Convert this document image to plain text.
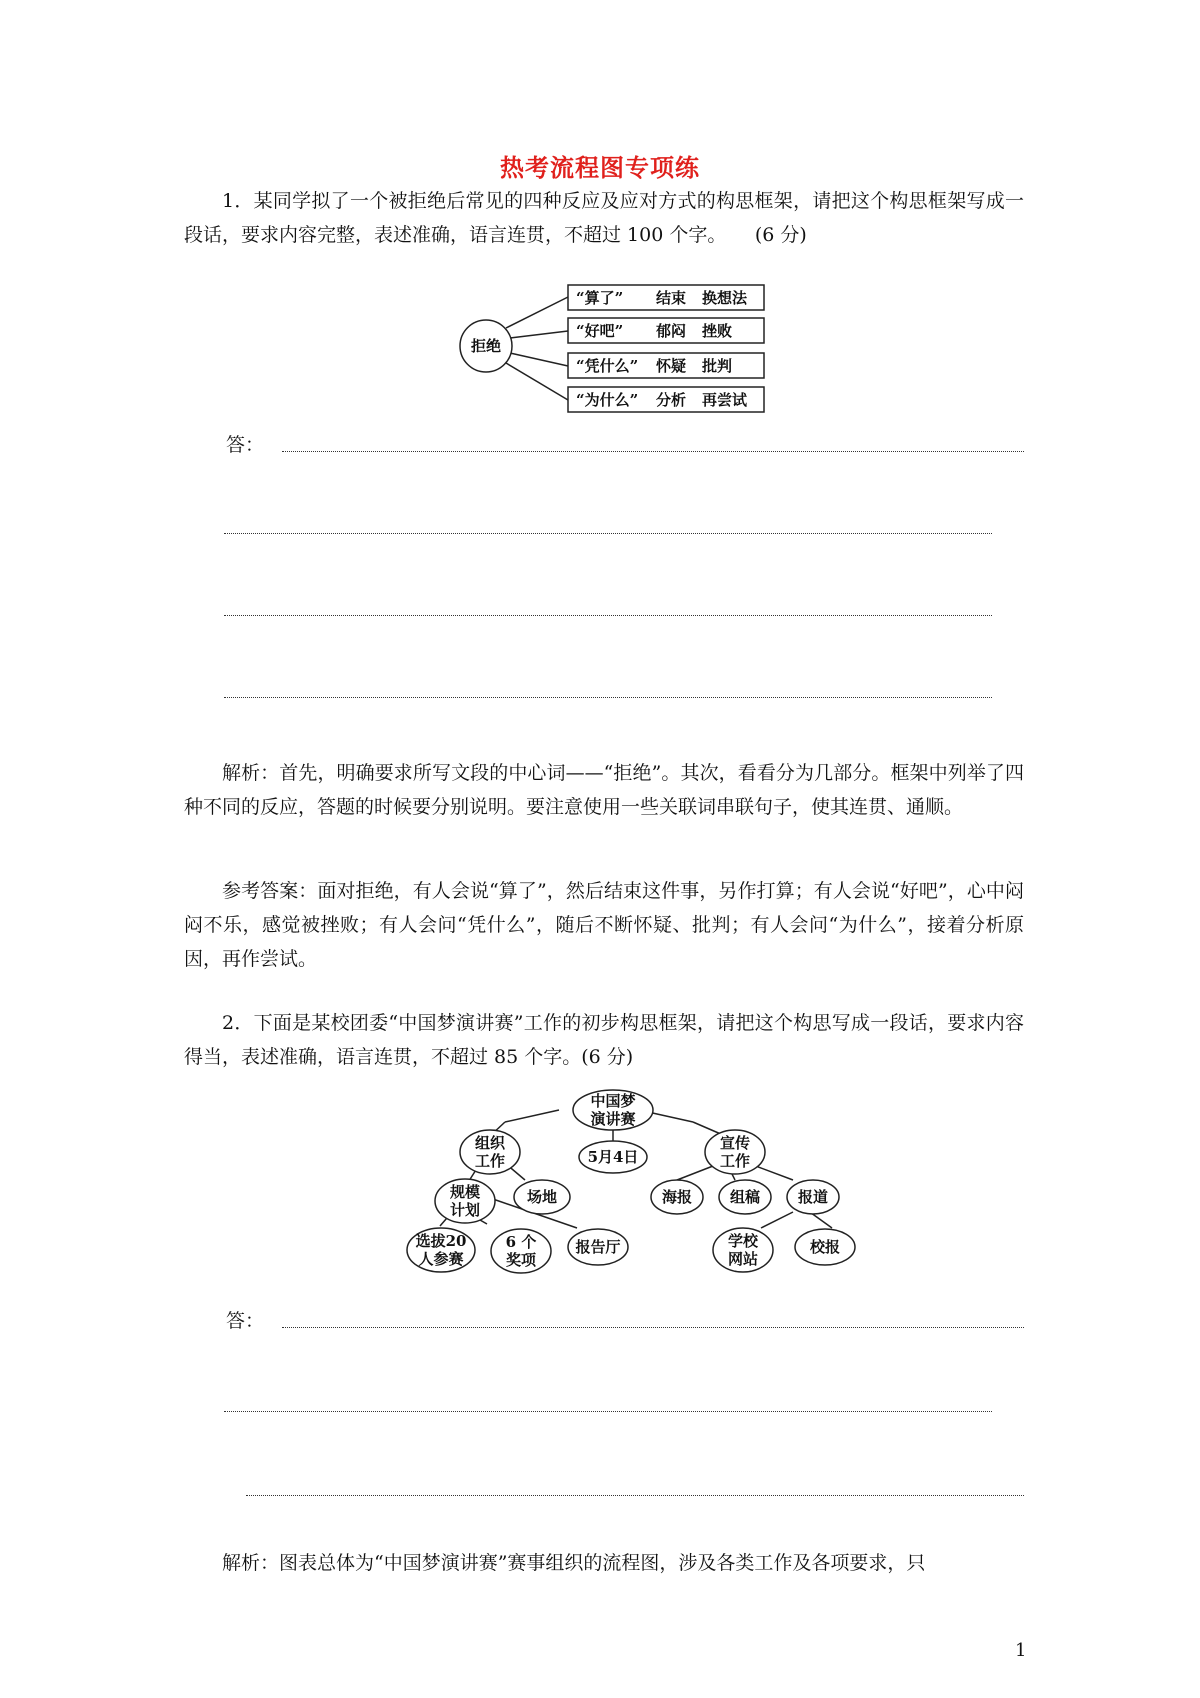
热考流程图专项练

1．某同学拟了一个被拒绝后常见的四种反应及应对方式的构思框架，请把这个构思框架写成一段话，要求内容完整，表述准确，语言连贯，不超过 100 个字。　　(6 分)

拒绝
“算了” 结束 换想法
“好吧” 郁闷 挫败
“凭什么” 怀疑 批判
“为什么” 分析 再尝试
答：

解析：首先，明确要求所写文段的中心词——“拒绝”。其次，看看分为几部分。框架中列举了四种不同的反应，答题的时候要分别说明。要注意使用一些关联词串联句子，使其连贯、通顺。

参考答案：面对拒绝，有人会说“算了”，然后结束这件事，另作打算；有人会说“好吧”，心中闷闷不乐，感觉被挫败；有人会问“凭什么”，随后不断怀疑、批判；有人会问“为什么”，接着分析原因，再作尝试。

2．下面是某校团委“中国梦演讲赛”工作的初步构思框架，请把这个构思写成一段话，要求内容得当，表述准确，语言连贯，不超过 85 个字。(6 分)

中国梦
演讲赛
组织
工作	5月4日
宣传
工作
规模
计划
场地
选拔20
人参赛
6 个
奖项
报告厅
海报	组稿	报道
学校
网站
校报
答：

解析：图表总体为“中国梦演讲赛”赛事组织的流程图，涉及各类工作及各项要求，只

1
